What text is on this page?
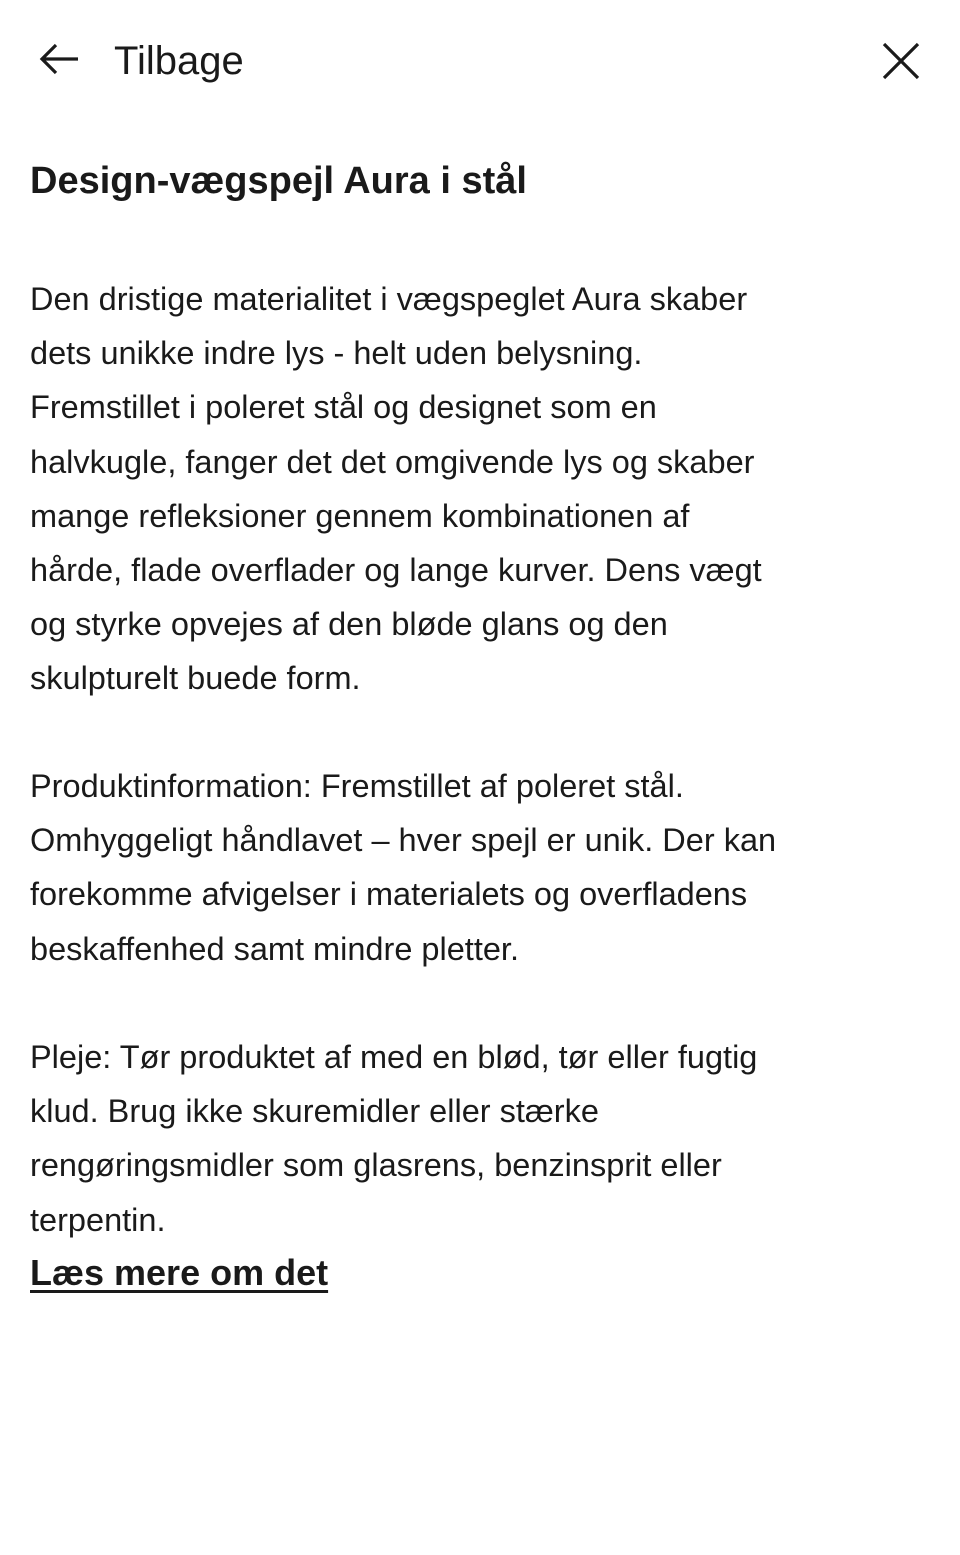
Tilbage
Design-vægspejl Aura i stål
Den dristige materialitet i vægspeglet Aura skaber
dets unikke indre lys - helt uden belysning.
Fremstillet i poleret stål og designet som en
halvkugle, fanger det det omgivende lys og skaber
mange refleksioner gennem kombinationen af
hårde, flade overflader og lange kurver. Dens vægt
og styrke opvejes af den bløde glans og den
skulpturelt buede form.
Produktinformation: Fremstillet af poleret stål.
Omhyggeligt håndlavet – hver spejl er unik. Der kan
forekomme afvigelser i materialets og overfladens
beskaffenhed samt mindre pletter.
Pleje: Tør produktet af med en blød, tør eller fugtig
klud. Brug ikke skuremidler eller stærke
rengøringsmidler som glasrens, benzinsprit eller
terpentin.
Læs mere om det
